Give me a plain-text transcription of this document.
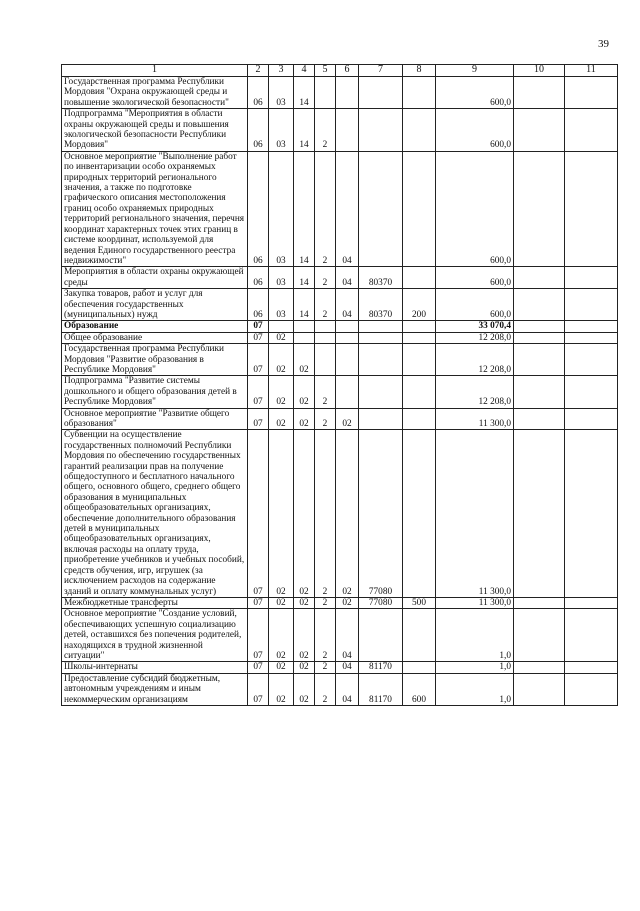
39
1	2	3	4	5	6	7	8	9	10	11
Государственная программа Республики Мордовия "Охрана окружающей среды и повышение экологической безопасности"	06	03	14					600,0		
Подпрограмма "Мероприятия в области охраны окружающей среды и повышения экологической безопасности Республики Мордовия"	06	03	14	2				600,0		
Основное мероприятие "Выполнение работ по инвентаризации особо охраняемых природных территорий регионального значения, а также по подготовке графического описания местоположения границ особо охраняемых природных территорий регионального значения, перечня координат характерных точек этих границ в системе координат, используемой для ведения Единого государственного реестра недвижимости"	06	03	14	2	04			600,0		
Мероприятия в области охраны окружающей среды	06	03	14	2	04	80370		600,0		
Закупка товаров, работ и услуг для обеспечения государственных (муниципальных) нужд	06	03	14	2	04	80370	200	600,0		
Образование	07							33 070,4		
Общее образование	07	02						12 208,0		
Государственная программа Республики Мордовия "Развитие образования в Республике Мордовия"	07	02	02					12 208,0		
Подпрограмма "Развитие системы дошкольного и общего образования детей в Республике Мордовия"	07	02	02	2				12 208,0		
Основное мероприятие "Развитие общего образования"	07	02	02	2	02			11 300,0		
Субвенции на осуществление государственных полномочий Республики Мордовия по обеспечению государственных гарантий реализации прав на получение общедоступного и бесплатного начального общего, основного общего, среднего общего образования в муниципальных общеобразовательных организациях, обеспечение дополнительного образования детей в муниципальных общеобразовательных организациях, включая расходы на оплату труда, приобретение учебников и учебных пособий, средств обучения, игр, игрушек (за исключением расходов на содержание зданий и оплату коммунальных услуг)	07	02	02	2	02	77080		11 300,0		
Межбюджетные трансферты	07	02	02	2	02	77080	500	11 300,0		
Основное мероприятие "Создание условий, обеспечивающих успешную социализацию детей, оставшихся без попечения родителей, находящихся в трудной жизненной ситуации"	07	02	02	2	04			1,0		
Школы-интернаты	07	02	02	2	04	81170		1,0		
Предоставление субсидий бюджетным, автономным учреждениям и иным некоммерческим организациям	07	02	02	2	04	81170	600	1,0		
